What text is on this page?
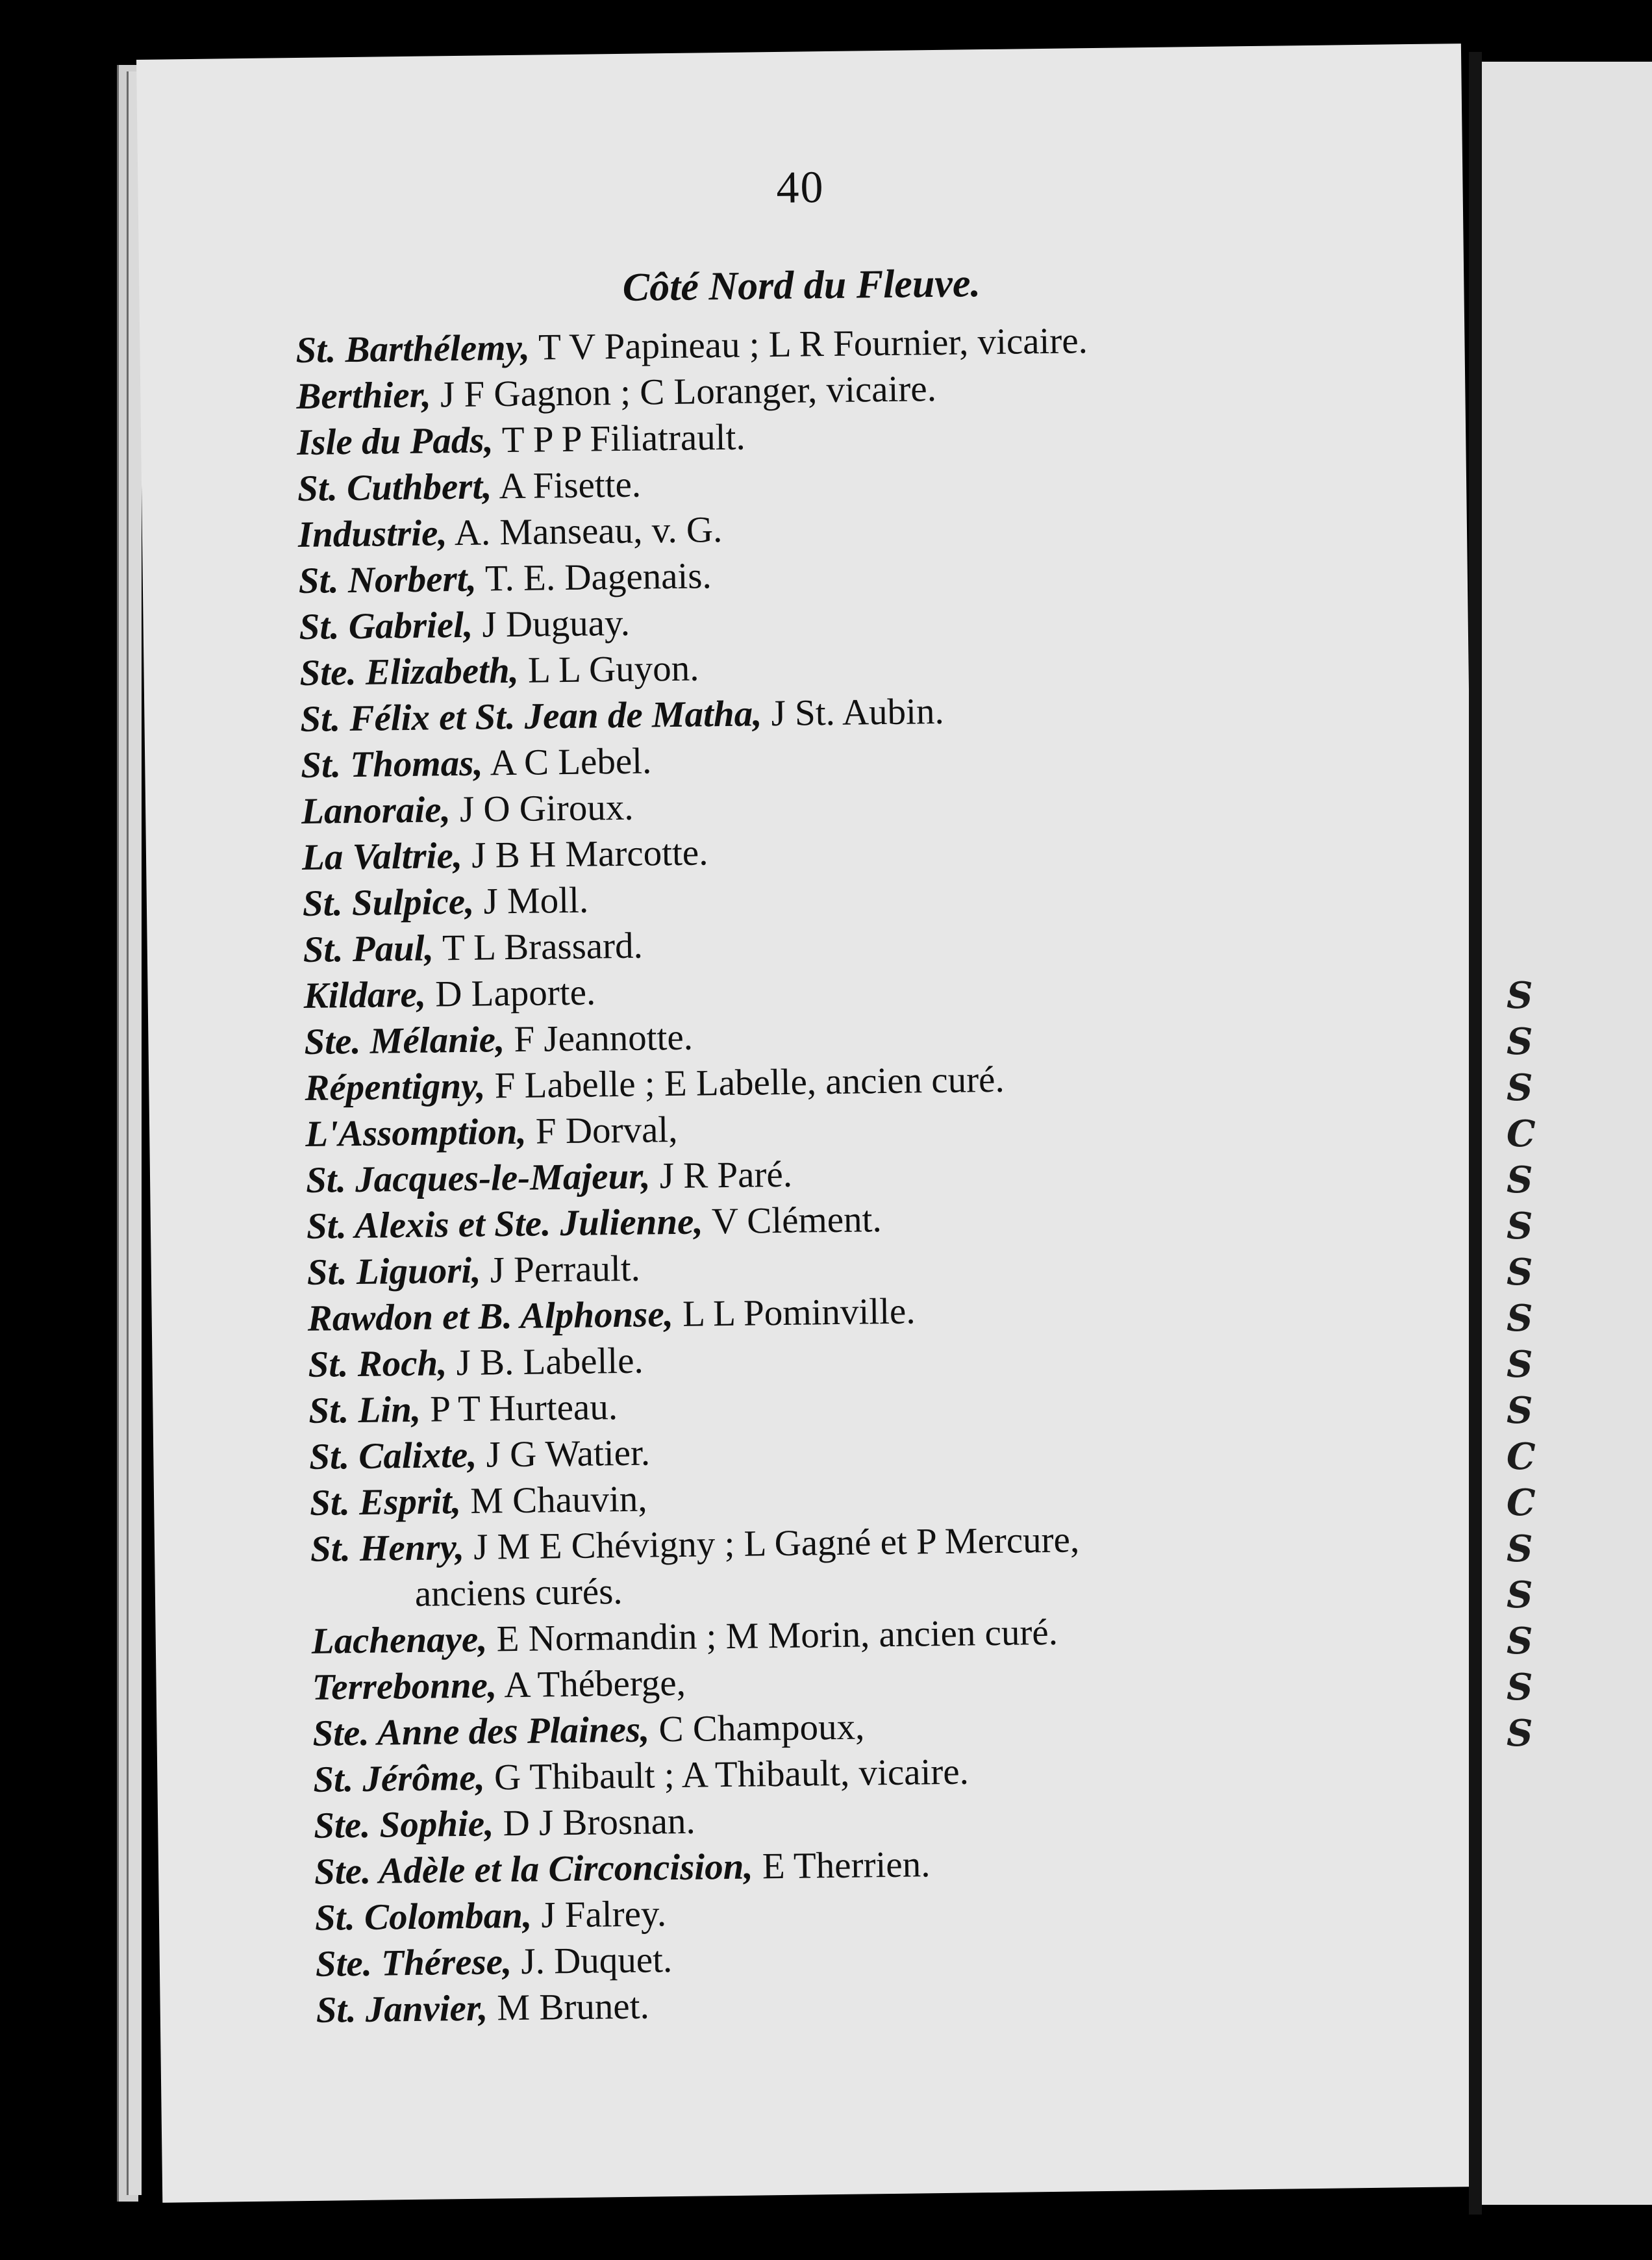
40
Côté Nord du Fleuve.
St. Barthélemy, T V Papineau ; L R Fournier, vicaire.
Berthier, J F Gagnon ; C Loranger, vicaire.
Isle du Pads, T P P Filiatrault.
St. Cuthbert, A Fisette.
Industrie, A. Manseau, v. G.
St. Norbert, T. E. Dagenais.
St. Gabriel, J Duguay.
Ste. Elizabeth, L L Guyon.
St. Félix et St. Jean de Matha, J St. Aubin.
St. Thomas, A C Lebel.
Lanoraie, J O Giroux.
La Valtrie, J B H Marcotte.
St. Sulpice, J Moll.
St. Paul, T L Brassard.
Kildare, D Laporte.
Ste. Mélanie, F Jeannotte.
Répentigny, F Labelle ; E Labelle, ancien curé.
L'Assomption, F Dorval,
St. Jacques-le-Majeur, J R Paré.
St. Alexis et Ste. Julienne, V Clément.
St. Liguori, J Perrault.
Rawdon et B. Alphonse, L L Pominville.
St. Roch, J B. Labelle.
St. Lin, P T Hurteau.
St. Calixte, J G Watier.
St. Esprit, M Chauvin,
St. Henry, J M E Chévigny ; L Gagné et P Mercure,
anciens curés.
Lachenaye, E Normandin ; M Morin, ancien curé.
Terrebonne, A Théberge,
Ste. Anne des Plaines, C Champoux,
St. Jérôme, G Thibault ; A Thibault, vicaire.
Ste. Sophie, D J Brosnan.
Ste. Adèle et la Circoncision, E Therrien.
St. Colomban, J Falrey.
Ste. Thérese, J. Duquet.
St. Janvier, M Brunet.
S
S
S
C
S
S
S
S
S
S
C
C
S
S
S
S
S
